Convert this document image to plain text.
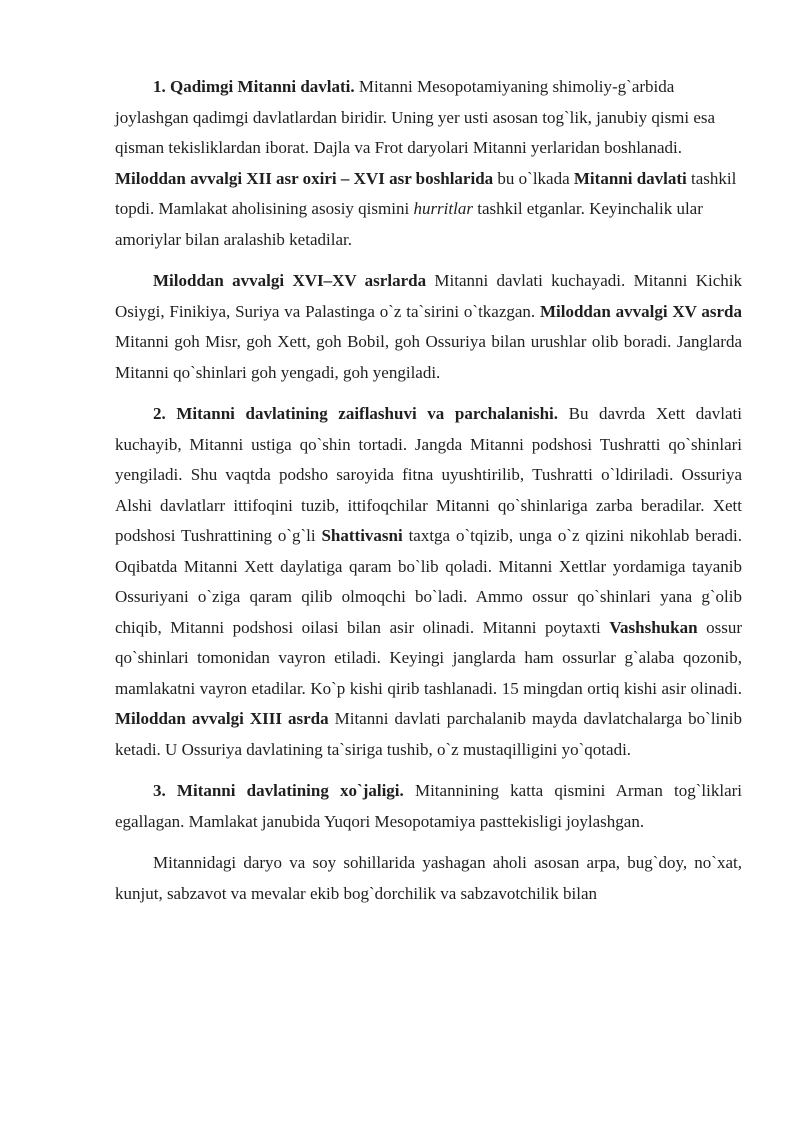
1. Qadimgi Mitanni davlati. Mitanni Mesopotamiyaning shimoliy-g`arbida joylashgan qadimgi davlatlardan biridir. Uning yer usti asosan tog`lik, janubiy qismi esa qisman tekisliklardan iborat. Dajla va Frot daryolari Mitanni yerlaridan boshlanadi. Miloddan avvalgi XII asr oxiri – XVI asr boshlarida bu o`lkada Mitanni davlati tashkil topdi. Mamlakat aholisining asosiy qismini hurritlar tashkil etganlar. Keyinchalik ular amoriylar bilan aralashib ketadilar.

Miloddan avvalgi XVI–XV asrlarda Mitanni davlati kuchayadi. Mitanni Kichik Osiygi, Finikiya, Suriya va Palastinga o`z ta`sirini o`tkazgan. Miloddan avvalgi XV asrda Mitanni goh Misr, goh Xett, goh Bobil, goh Ossuriya bilan urushlar olib boradi. Janglarda Mitanni qo`shinlari goh yengadi, goh yengiladi.

2. Mitanni davlatining zaiflashuvi va parchalanishi. Bu davrda Xett davlati kuchayib, Mitanni ustiga qo`shin tortadi. Jangda Mitanni podshosi Tushratti qo`shinlari yengiladi. Shu vaqtda podsho saroyida fitna uyushtirilib, Tushratti o`ldiriladi. Ossuriya Alshi davlatlarr ittifoqini tuzib, ittifoqchilar Mitanni qo`shinlariga zarba beradilar. Xett podshosi Tushrattining o`g`li Shattivasni taxtga o`tqizib, unga o`z qizini nikohlab beradi. Oqibatda Mitanni Xett daylatiga qaram bo`lib qoladi. Mitanni Xettlar yordamiga tayanib Ossuriyani o`ziga qaram qilib olmoqchi bo`ladi. Ammo ossur qo`shinlari yana g`olib chiqib, Mitanni podshosi oilasi bilan asir olinadi. Mitanni poytaxti Vashshukan ossur qo`shinlari tomonidan vayron etiladi. Keyingi janglarda ham ossurlar g`alaba qozonib, mamlakatni vayron etadilar. Ko`p kishi qirib tashlanadi. 15 mingdan ortiq kishi asir olinadi. Miloddan avvalgi XIII asrda Mitanni davlati parchalanib mayda davlatchalarga bo`linib ketadi. U Ossuriya davlatining ta`siriga tushib, o`z mustaqilligini yo`qotadi.

3. Mitanni davlatining xo`jaligi. Mitannining katta qismini Arman tog`liklari egallagan. Mamlakat janubida Yuqori Mesopotamiya pasttekisligi joylashgan.

Mitannidagi daryo va soy sohillarida yashagan aholi asosan arpa, bug`doy, no`xat, kunjut, sabzavot va mevalar ekib bog`dorchilik va sabzavotchilik bilan
